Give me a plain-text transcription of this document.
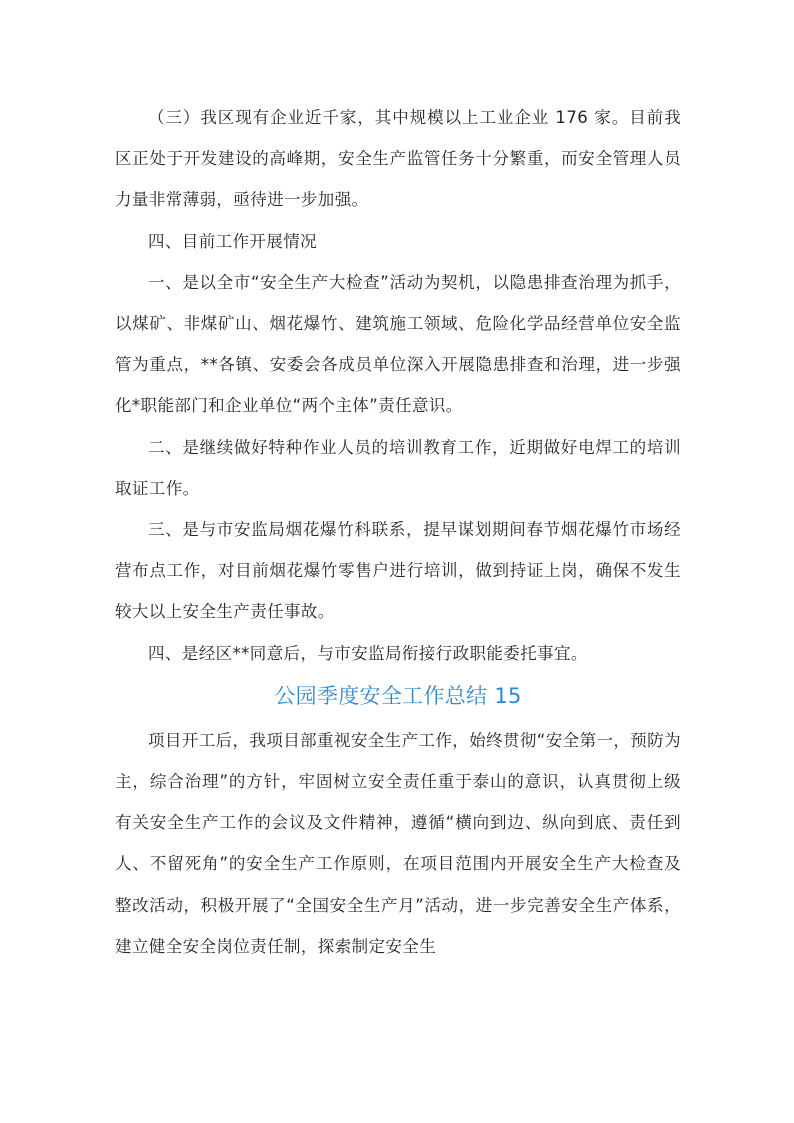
（三）我区现有企业近千家，其中规模以上工业企业 176 家。目前我区正处于开发建设的高峰期，安全生产监管任务十分繁重，而安全管理人员力量非常薄弱，亟待进一步加强。

四、目前工作开展情况

一、是以全市“安全生产大检查”活动为契机，以隐患排查治理为抓手，以煤矿、非煤矿山、烟花爆竹、建筑施工领域、危险化学品经营单位安全监管为重点，**各镇、安委会各成员单位深入开展隐患排查和治理，进一步强化*职能部门和企业单位“两个主体”责任意识。

二、是继续做好特种作业人员的培训教育工作，近期做好电焊工的培训取证工作。

三、是与市安监局烟花爆竹科联系，提早谋划期间春节烟花爆竹市场经营布点工作，对目前烟花爆竹零售户进行培训，做到持证上岗，确保不发生较大以上安全生产责任事故。

四、是经区**同意后，与市安监局衔接行政职能委托事宜。

公园季度安全工作总结 15

项目开工后，我项目部重视安全生产工作，始终贯彻“安全第一，预防为主，综合治理”的方针，牢固树立安全责任重于泰山的意识，认真贯彻上级有关安全生产工作的会议及文件精神，遵循“横向到边、纵向到底、责任到人、不留死角”的安全生产工作原则，在项目范围内开展安全生产大检查及整改活动，积极开展了“全国安全生产月”活动，进一步完善安全生产体系，建立健全安全岗位责任制，探索制定安全生
